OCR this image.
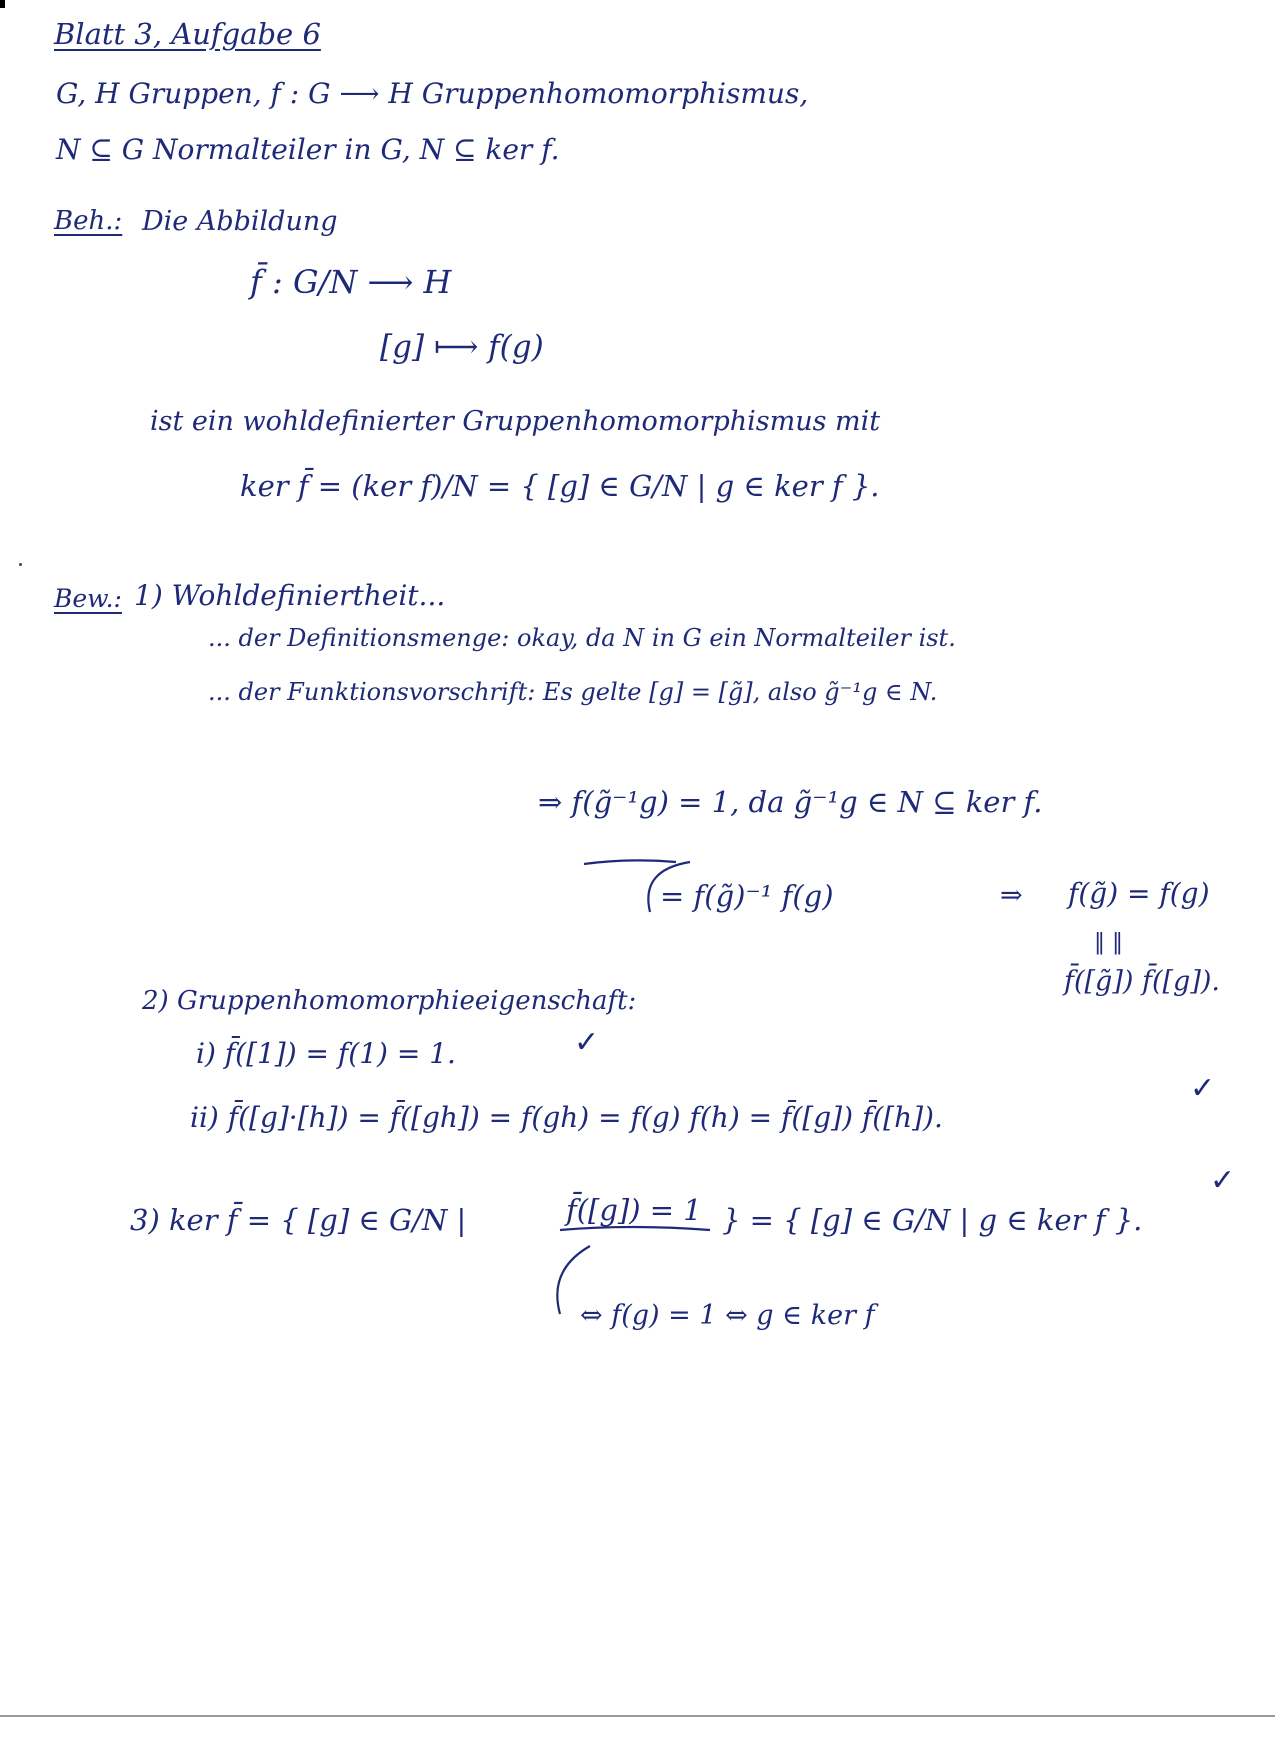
Blatt 3, Aufgabe 6
G, H Gruppen, f : G ⟶ H Gruppenhomomorphismus,
N ⊆ G Normalteiler in G, N ⊆ ker f.
Beh.: Die Abbildung
f̄ : G/N ⟶ H
[g] ⟼ f(g)
ist ein wohldefinierter Gruppenhomomorphismus mit
ker f̄ = (ker f)/N = { [g] ∈ G/N | g ∈ ker f }.
Bew.: 1) Wohldefiniertheit...
... der Definitionsmenge: okay, da N in G ein Normalteiler ist.
... der Funktionsvorschrift: Es gelte [g] = [g̃], also g̃⁻¹g ∈ N.
⇒ f(g̃⁻¹g) = 1, da g̃⁻¹g ∈ N ⊆ ker f.
= f(g̃)⁻¹ f(g)	⇒ f(g̃) = f(g)
‖ ‖
f̄([g̃]) f̄([g]).
2) Gruppenhomomorphieeigenschaft:
i) f̄([1]) = f(1) = 1.	✓
ii) f̄([g]·[h]) = f̄([gh]) = f(gh) = f(g) f(h) = f̄([g]) f̄([h]).
✓
3) ker f̄ = { [g] ∈ G/N |	f̄([g]) = 1 } = { [g] ∈ G/N | g ∈ ker f }.
✓
⇔ f(g) = 1 ⇔ g ∈ ker f
